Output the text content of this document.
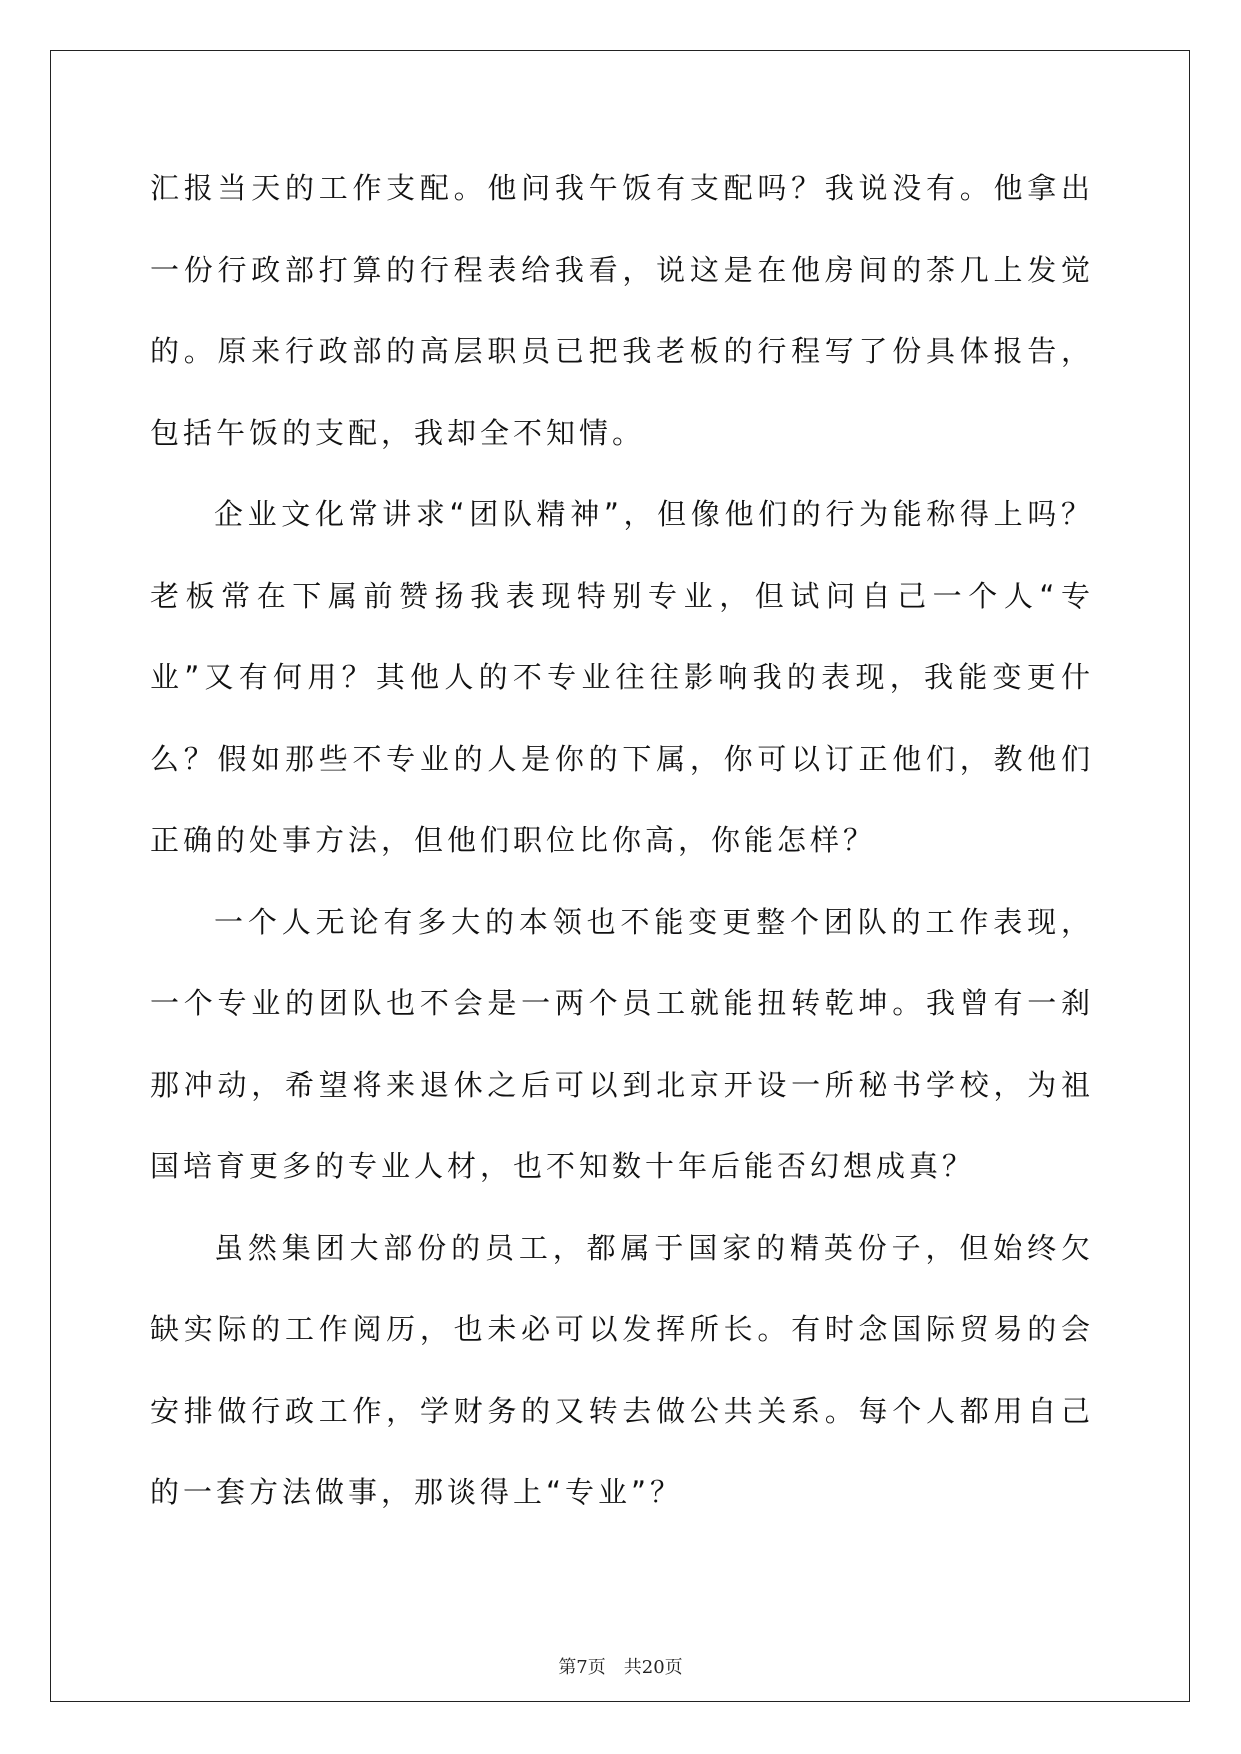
汇报当天的工作支配。他问我午饭有支配吗？我说没有。他拿出一份行政部打算的行程表给我看，说这是在他房间的茶几上发觉的。原来行政部的高层职员已把我老板的行程写了份具体报告，包括午饭的支配，我却全不知情。

企业文化常讲求“团队精神”，但像他们的行为能称得上吗？老板常在下属前赞扬我表现特别专业，但试问自己一个人“专业”又有何用？其他人的不专业往往影响我的表现，我能变更什么？假如那些不专业的人是你的下属，你可以订正他们，教他们正确的处事方法，但他们职位比你高，你能怎样？

一个人无论有多大的本领也不能变更整个团队的工作表现，一个专业的团队也不会是一两个员工就能扭转乾坤。我曾有一刹那冲动，希望将来退休之后可以到北京开设一所秘书学校，为祖国培育更多的专业人材，也不知数十年后能否幻想成真？

虽然集团大部份的员工，都属于国家的精英份子，但始终欠缺实际的工作阅历，也未必可以发挥所长。有时念国际贸易的会安排做行政工作，学财务的又转去做公共关系。每个人都用自己的一套方法做事，那谈得上“专业”？

第7页 共20页
